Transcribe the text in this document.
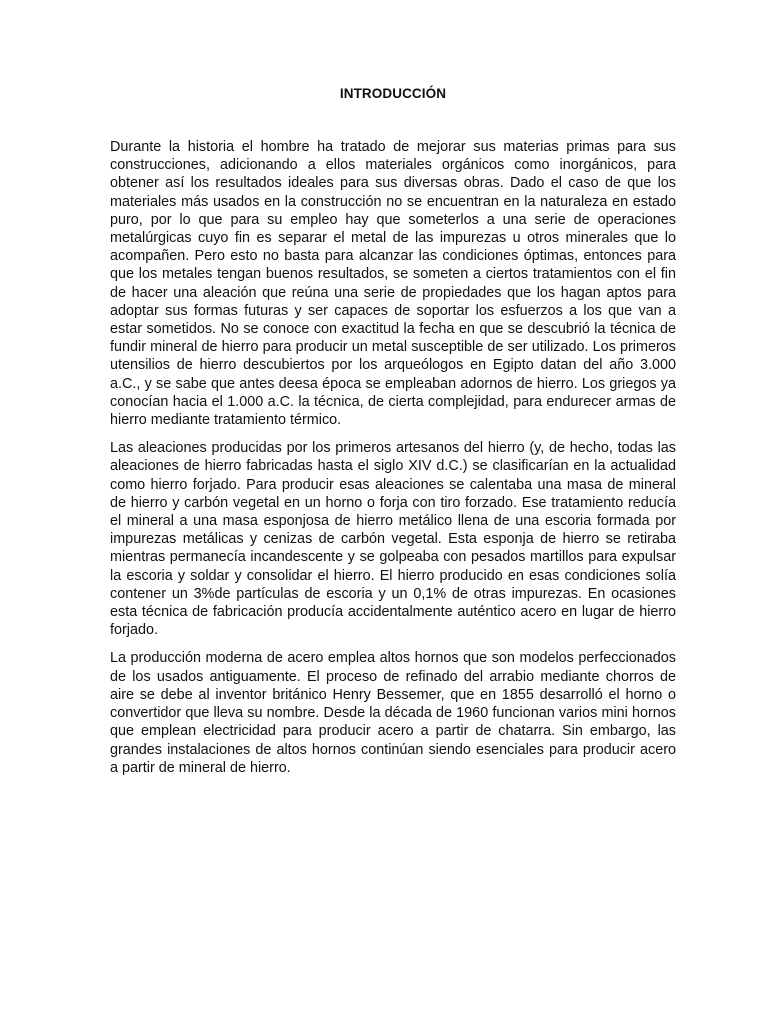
INTRODUCCIÓN

Durante la historia el hombre ha tratado de mejorar sus materias primas para sus construcciones, adicionando a ellos materiales orgánicos como inorgánicos, para obtener así los resultados ideales para sus diversas obras. Dado el caso de que los materiales más usados en la construcción no se encuentran en la naturaleza en estado puro, por lo que para su empleo hay que someterlos a una serie de operaciones metalúrgicas cuyo fin es separar el metal de las impurezas u otros minerales que lo acompañen. Pero esto no basta para alcanzar las condiciones óptimas, entonces para que los metales tengan buenos resultados, se someten a ciertos tratamientos con el fin de hacer una aleación que reúna una serie de propiedades que los hagan aptos para adoptar sus formas futuras y ser capaces de soportar los esfuerzos a los que van a estar sometidos. No se conoce con exactitud la fecha en que se descubrió la técnica de fundir mineral de hierro para producir un metal susceptible de ser utilizado. Los primeros utensilios de hierro descubiertos por los arqueólogos en Egipto datan del año 3.000 a.C., y se sabe que antes deesa época se empleaban adornos de hierro. Los griegos ya conocían hacia el 1.000 a.C. la técnica, de cierta complejidad, para endurecer armas de hierro mediante tratamiento térmico.

Las aleaciones producidas por los primeros artesanos del hierro (y, de hecho, todas las aleaciones de hierro fabricadas hasta el siglo XIV d.C.) se clasificarían en la actualidad como hierro forjado. Para producir esas aleaciones se calentaba una masa de mineral de hierro y carbón vegetal en un horno o forja con tiro forzado. Ese tratamiento reducía el mineral a una masa esponjosa de hierro metálico llena de una escoria formada por impurezas metálicas y cenizas de carbón vegetal. Esta esponja de hierro se retiraba mientras permanecía incandescente y se golpeaba con pesados martillos para expulsar la escoria y soldar y consolidar el hierro. El hierro producido en esas condiciones solía contener un 3%de partículas de escoria y un 0,1% de otras impurezas. En ocasiones esta técnica de fabricación producía accidentalmente auténtico acero en lugar de hierro forjado.

La producción moderna de acero emplea altos hornos que son modelos perfeccionados de los usados antiguamente. El proceso de refinado del arrabio mediante chorros de aire se debe al inventor británico Henry Bessemer, que en 1855 desarrolló el horno o convertidor que lleva su nombre. Desde la década de 1960 funcionan varios mini hornos que emplean electricidad para producir acero a partir de chatarra. Sin embargo, las grandes instalaciones de altos hornos continúan siendo esenciales para producir acero a partir de mineral de hierro.
